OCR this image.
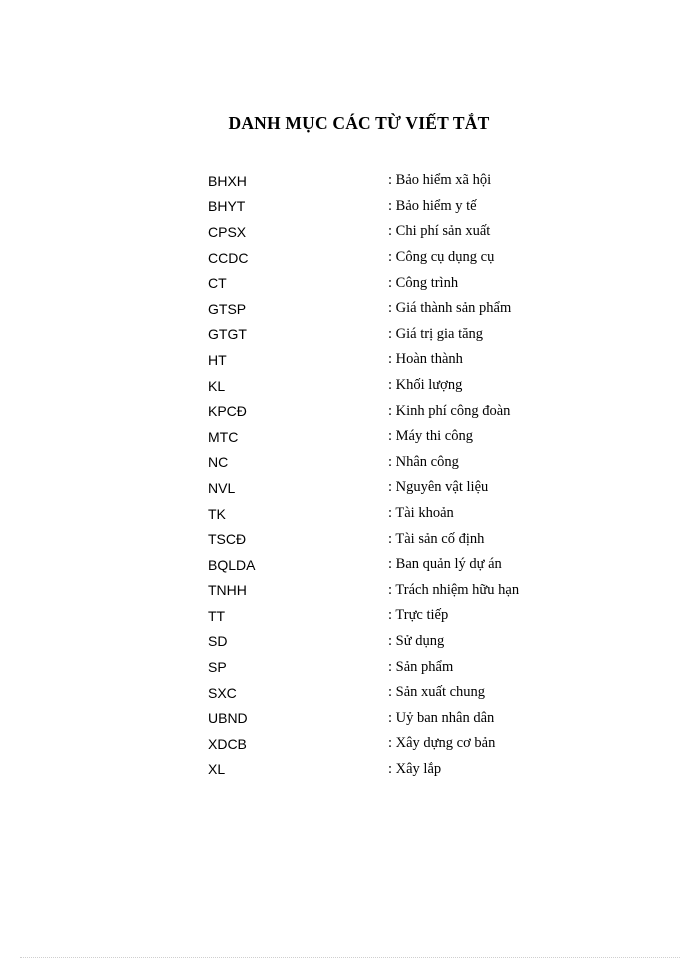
DANH MỤC CÁC TỪ VIẾT TẮT
BHXH	: Bảo hiểm xã hội
BHYT	: Bảo hiểm y tế
CPSX	: Chi phí sản xuất
CCDC	: Công cụ dụng cụ
CT	: Công trình
GTSP	: Giá thành sản phẩm
GTGT	: Giá trị gia tăng
HT	: Hoàn thành
KL	: Khối lượng
KPCĐ	: Kinh phí công đoàn
MTC	: Máy thi công
NC	: Nhân công
NVL	: Nguyên vật liệu
TK	: Tài khoản
TSCĐ	: Tài sản cố định
BQLDA	: Ban quản lý dự án
TNHH	: Trách nhiệm hữu hạn
TT	: Trực tiếp
SD	: Sử dụng
SP	: Sản phẩm
SXC	: Sản xuất chung
UBND	: Uỷ ban nhân dân
XDCB	: Xây dựng cơ bản
XL	: Xây lắp
